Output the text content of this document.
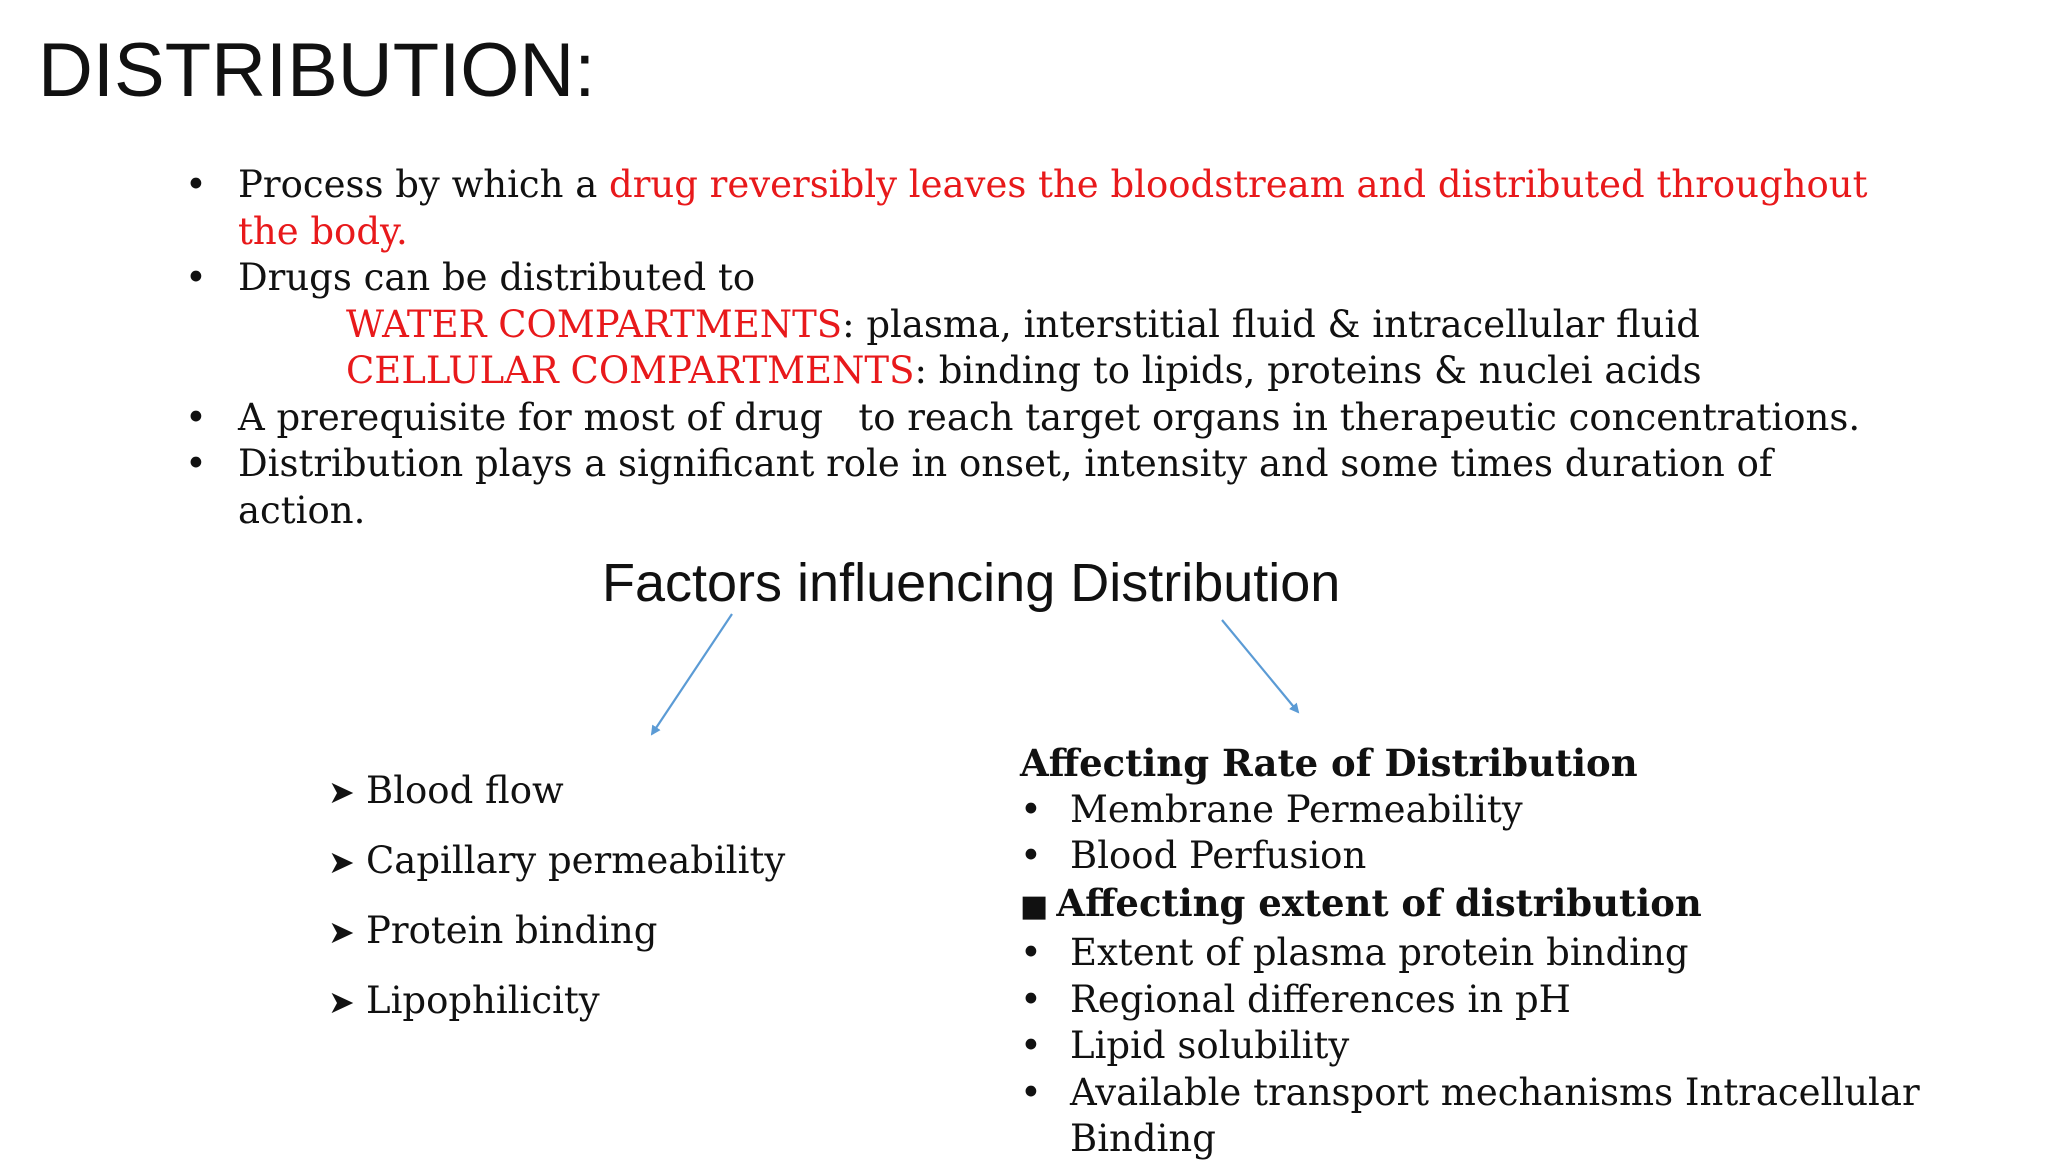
DISTRIBUTION:
• Process by which a drug reversibly leaves the bloodstream and distributed throughout
the body.
• Drugs can be distributed to
WATER COMPARTMENTS: plasma, interstitial fluid & intracellular fluid
CELLULAR COMPARTMENTS: binding to lipids, proteins & nuclei acids
• A prerequisite for most of drug   to reach target organs in therapeutic concentrations.
• Distribution plays a significant role in onset, intensity and some times duration of
action.
Factors influencing Distribution
➤ Blood flow
➤ Capillary permeability
➤ Protein binding
➤ Lipophilicity
Affecting Rate of Distribution
• Membrane Permeability
• Blood Perfusion
■ Affecting extent of distribution
• Extent of plasma protein binding
• Regional differences in pH
• Lipid solubility
• Available transport mechanisms Intracellular
Binding
